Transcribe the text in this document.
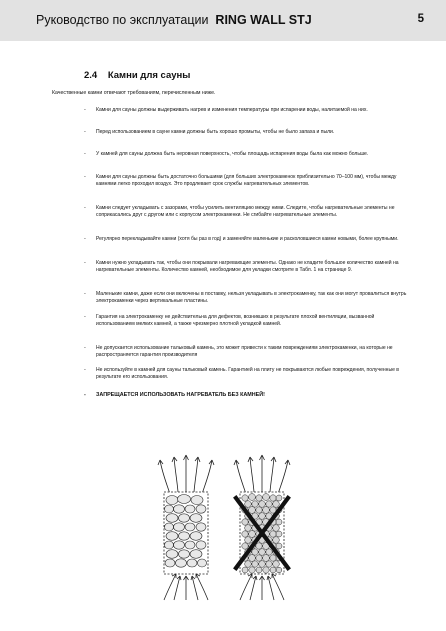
Руководство по эксплуатации RING WALL STJ	5
2.4 Камни для сауны
Качественные камни отвечают требованиям, перечисленным ниже.
- Камни для сауны должны выдерживать нагрев и изменения температуры при испарении воды, налитаемой на них.
- Перед использованием в сауне камни должны быть хорошо промыты, чтобы не было запаха и пыли.
- У камней для сауны должна быть неровная поверхность, чтобы площадь испарения воды была как можно больше.
- Камни для сауны должны быть достаточно большими (для больших электрокаменок приблизительно 70–100 мм), чтобы между камнями легко проходил воздух. Это продлевает срок службы нагревательных элементов.
- Камни следует укладывать с зазорами, чтобы усилить вентиляцию между ними. Следите, чтобы нагревательные элементы не соприкасались друг с другом или с корпусом электрокаменки. Не сгибайте нагревательные элементы.
- Регулярно перекладывайте камни (хотя бы раз в год) и заменяйте маленькие и расколовшиеся камни новыми, более крупными.
- Камни нужно укладывать так, чтобы они покрывали нагревающие элементы. Однако не кладите большое количество камней на нагревательные элементы. Количество камней, необходимое для укладки смотрите в Табл. 1 на странице 9.
- Маленькие камни, даже если они включены в поставку, нельзя укладывать в электрокаменку, так как они могут провалиться внутрь электрокаменки через вертикальные пластины.
- Гарантия на электрокаменку не действительна для дефектов, возникших в результате плохой вентиляции, вызванной использованием мелких камней, а также чрезмерно плотной укладкой камней.
- Не допускается использование тальковый камень, это может привести к таким повреждениям электрокаменки, на которые не распространяется гарантия производителя
- Не используйте в камней для сауны тальковый камень. Гарантией на плиту не покрываются любые повреждения, полученные в результате его использования.
- ЗАПРЕЩАЕТСЯ ИСПОЛЬЗОВАТЬ НАГРЕВАТЕЛЬ БЕЗ КАМНЕЙ!
